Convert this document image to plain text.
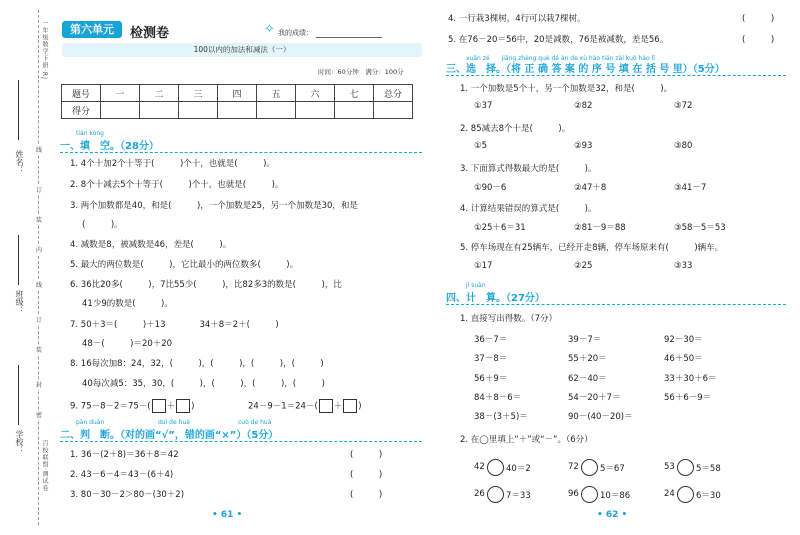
姓名：
班级：
学校：
一年级数学下册·RJ
线
订
装
内
线
订
装
封
密
百校联盟·测试卷
第六单元	检测卷	✧ 我的成绩：
100以内的加法和减法（一）
时间：60分钟　满分：100分
题号	一	二	三	四	五	六	七	总分
得分								
tián kòng
一、填　空。（28分）
1. 4个十加2个十等于(　　　)个十，也就是(　　　)。
2. 8个十减去5个十等于(　　　)个十，也就是(　　　)。
3. 两个加数都是40，和是(　　　)，一个加数是25，另一个加数是30，和是
(　　　)。
4. 减数是8，被减数是46，差是(　　　)。
5. 最大的两位数是(　　　)，它比最小的两位数多(　　　)。
6. 36比20多(　　　)，7比55少(　　　)，比82多3的数是(　　　)，比
41少9的数是(　　　)。
7. 50＋3＝(　　　)＋13　　　　34＋8＝2＋(　　　)
48－(　　　)＝20＋20
8. 16每次加8：24，32，(　　　)，(　　　)，(　　　)，(　　　)
40每次减5：35，30，(　　　)，(　　　)，(　　　)，(　　　)
9. 75－8－2＝75－( ＋ )	24－9－1＝24－( ＋ )
pàn duàn	duì de huà	cuò de huà
二、判　断。（对的画“√”，错的画“×”）（5分）
1. 36－(2＋8)＝36＋8＝42	(　　　)
2. 43－6－4＝43－(6＋4)	(　　　)
3. 80－30－2＞80－(30＋2)	(　　　)
• 61 •
4. 一行栽3棵树，4行可以栽7棵树。	(　　　)
5. 在76－20＝56中，20是减数，76是被减数，差是56。	(　　　)
xuǎn zé　　jiāng zhèng què dá àn de xù hào tián zài kuò hào lǐ
三、选　择。（将 正 确 答 案 的 序 号 填 在 括 号 里）（5分）
1. 一个加数是5个十，另一个加数是32，和是(　　　)。
①37	②82	③72
2. 85减去8个十是(　　　)。
①5	②93	③80
3. 下面算式得数最大的是(　　　)。
①90－6	②47＋8	③41－7
4. 计算结果错误的算式是(　　　)。
①25＋6＝31	②81－9＝88	③58－5＝53
5. 停车场现在有25辆车，已经开走8辆，停车场原来有(　　　)辆车。
①17	②25	③33
jì suàn
四、计　算。（27分）
1. 直接写出得数。（7分）
36－7＝	39－7＝	92－30＝
37－8＝	55＋20＝	46＋50＝
56＋9＝	62－40＝	33＋30＋6＝
84＋8－6＝	54－20＋7＝	56＋6－9＝
38－(3＋5)＝	90－(40－20)＝
2. 在◯里填上“＋”或“－”。（6分）
42 40＝2	72 5＝67	53 5＝58
26 7＝33	96 10＝86	24 6＝30
• 62 •
